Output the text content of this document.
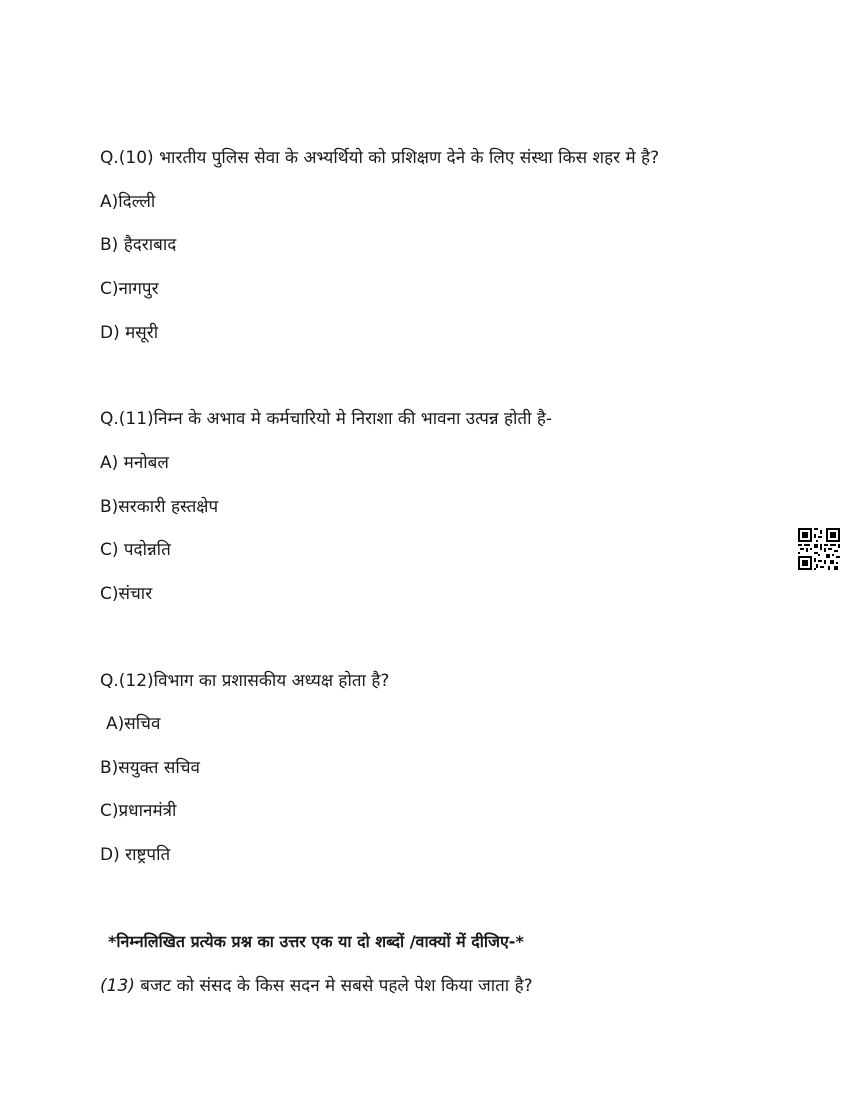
Q.(10) भारतीय पुलिस सेवा के अभ्यर्थियो को प्रशिक्षण देने के लिए संस्था किस शहर मे है?
A)दिल्ली
B) हैदराबाद
C)नागपुर
D) मसूरी
Q.(11)निम्न के अभाव मे कर्मचारियो मे निराशा की भावना उत्पन्न होती है-
A) मनोबल
B)सरकारी हस्तक्षेप
C) पदोन्नति
C)संचार
Q.(12)विभाग का प्रशासकीय अध्यक्ष होता है?
A)सचिव
B)सयुक्त सचिव
C)प्रधानमंत्री
D) राष्ट्रपति
*निम्नलिखित प्रत्येक प्रश्न का उत्तर एक या दो शब्दों /वाक्यों में दीजिए-*
(13) बजट को संसद के किस सदन मे सबसे पहले पेश किया जाता है?
